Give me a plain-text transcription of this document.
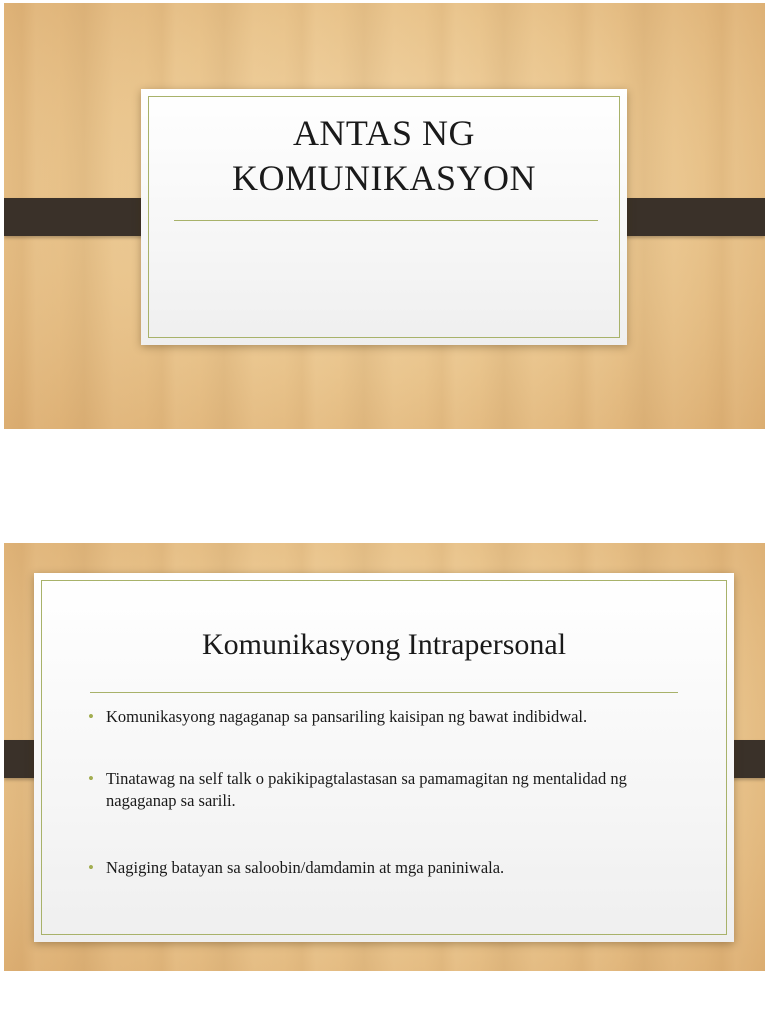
ANTAS NG
KOMUNIKASYON
Komunikasyong Intrapersonal
• Komunikasyong nagaganap sa pansariling kaisipan ng bawat indibidwal.
• Tinatawag na self talk o pakikipagtalastasan sa pamamagitan ng mentalidad ng nagaganap sa sarili.
• Nagiging batayan sa saloobin/damdamin at mga paniniwala.
